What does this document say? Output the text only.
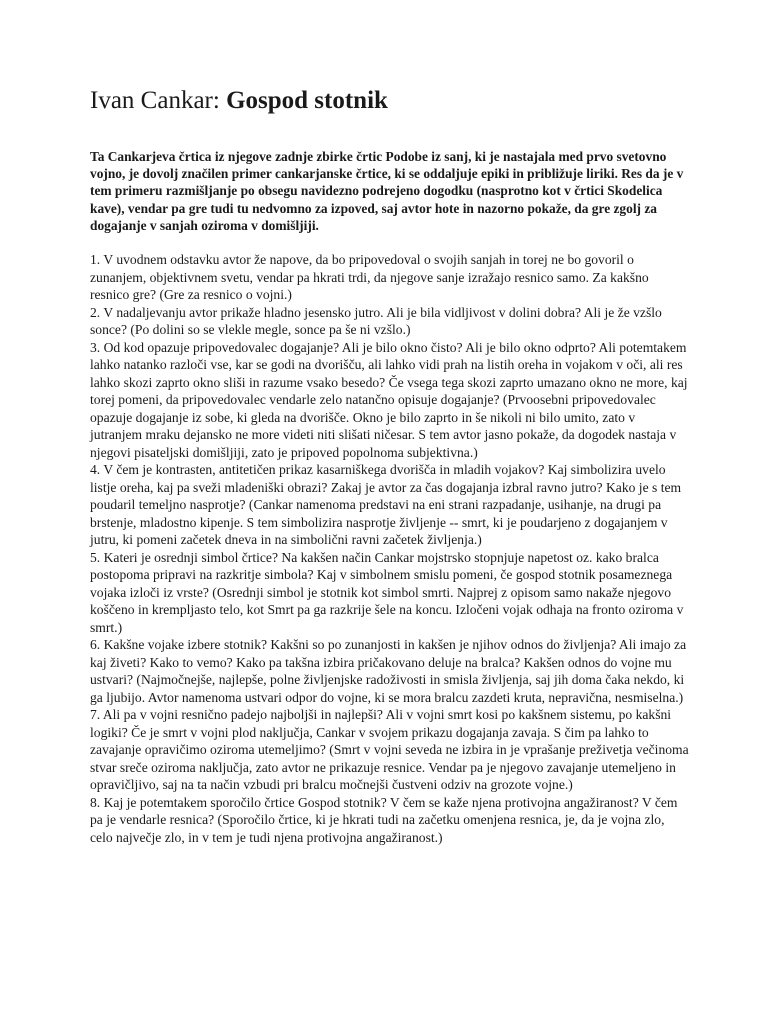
Ivan Cankar: Gospod stotnik

Ta Cankarjeva črtica iz njegove zadnje zbirke črtic Podobe iz sanj, ki je nastajala med prvo svetovno vojno, je dovolj značilen primer cankarjanske črtice, ki se oddaljuje epiki in približuje liriki. Res da je v tem primeru razmišljanje po obsegu navidezno podrejeno dogodku (nasprotno kot v črtici Skodelica kave), vendar pa gre tudi tu nedvomno za izpoved, saj avtor hote in nazorno pokaže, da gre zgolj za dogajanje v sanjah oziroma v domišljiji.

1. V uvodnem odstavku avtor že napove, da bo pripovedoval o svojih sanjah in torej ne bo govoril o zunanjem, objektivnem svetu, vendar pa hkrati trdi, da njegove sanje izražajo resnico samo. Za kakšno resnico gre? (Gre za resnico o vojni.)
2. V nadaljevanju avtor prikaže hladno jesensko jutro. Ali je bila vidljivost v dolini dobra? Ali je že vzšlo sonce? (Po dolini so se vlekle megle, sonce pa še ni vzšlo.)
3. Od kod opazuje pripovedovalec dogajanje? Ali je bilo okno čisto? Ali je bilo okno odprto? Ali potemtakem lahko natanko razloči vse, kar se godi na dvorišču, ali lahko vidi prah na listih oreha in vojakom v oči, ali res lahko skozi zaprto okno sliši in razume vsako besedo? Če vsega tega skozi zaprto umazano okno ne more, kaj torej pomeni, da pripovedovalec vendarle zelo natančno opisuje dogajanje? (Prvoosebni pripovedovalec opazuje dogajanje iz sobe, ki gleda na dvorišče. Okno je bilo zaprto in še nikoli ni bilo umito, zato v jutranjem mraku dejansko ne more videti niti slišati ničesar. S tem avtor jasno pokaže, da dogodek nastaja v njegovi pisateljski domišljiji, zato je pripoved popolnoma subjektivna.)
4. V čem je kontrasten, antitetičen prikaz kasarniškega dvorišča in mladih vojakov? Kaj simbolizira uvelo listje oreha, kaj pa sveži mladeniški obrazi? Zakaj je avtor za čas dogajanja izbral ravno jutro? Kako je s tem poudaril temeljno nasprotje? (Cankar namenoma predstavi na eni strani razpadanje, usihanje, na drugi pa brstenje, mladostno kipenje. S tem simbolizira nasprotje življenje -- smrt, ki je poudarjeno z dogajanjem v jutru, ki pomeni začetek dneva in na simbolični ravni začetek življenja.)
5. Kateri je osrednji simbol črtice? Na kakšen način Cankar mojstrsko stopnjuje napetost oz. kako bralca postopoma pripravi na razkritje simbola? Kaj v simbolnem smislu pomeni, če gospod stotnik posameznega vojaka izloči iz vrste? (Osrednji simbol je stotnik kot simbol smrti. Najprej z opisom samo nakaže njegovo koščeno in krempljasto telo, kot Smrt pa ga razkrije šele na koncu. Izločeni vojak odhaja na fronto oziroma v smrt.)
6. Kakšne vojake izbere stotnik? Kakšni so po zunanjosti in kakšen je njihov odnos do življenja? Ali imajo za kaj živeti? Kako to vemo? Kako pa takšna izbira pričakovano deluje na bralca? Kakšen odnos do vojne mu ustvari? (Najmočnejše, najlepše, polne življenjske radoživosti in smisla življenja, saj jih doma čaka nekdo, ki ga ljubijo. Avtor namenoma ustvari odpor do vojne, ki se mora bralcu zazdeti kruta, nepravična, nesmiselna.)
7. Ali pa v vojni resnično padejo najboljši in najlepši? Ali v vojni smrt kosi po kakšnem sistemu, po kakšni logiki? Če je smrt v vojni plod naključja, Cankar v svojem prikazu dogajanja zavaja. S čim pa lahko to zavajanje opravičimo oziroma utemeljimo? (Smrt v vojni seveda ne izbira in je vprašanje preživetja večinoma stvar sreče oziroma naključja, zato avtor ne prikazuje resnice. Vendar pa je njegovo zavajanje utemeljeno in opravičljivo, saj na ta način vzbudi pri bralcu močnejši čustveni odziv na grozote vojne.)
8. Kaj je potemtakem sporočilo črtice Gospod stotnik? V čem se kaže njena protivojna angažiranost? V čem pa je vendarle resnica? (Sporočilo črtice, ki je hkrati tudi na začetku omenjena resnica, je, da je vojna zlo, celo največje zlo, in v tem je tudi njena protivojna angažiranost.)
